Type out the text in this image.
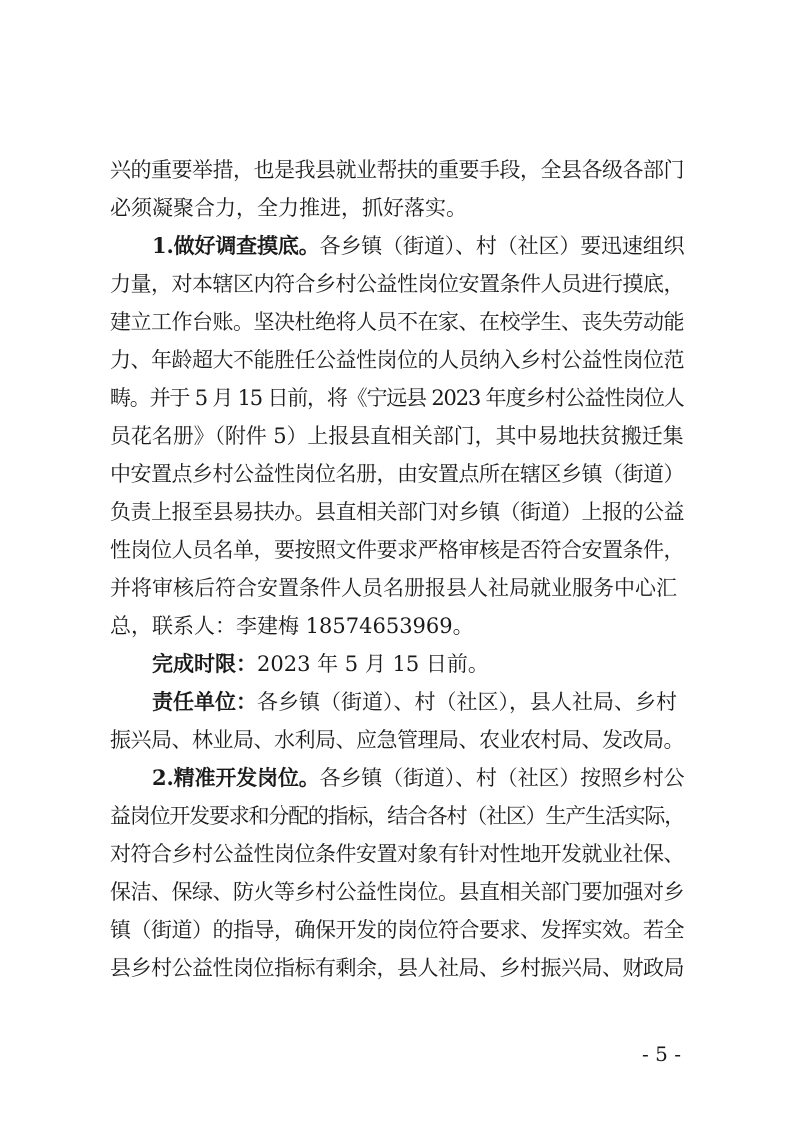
兴的重要举措，也是我县就业帮扶的重要手段，全县各级各部门
必须凝聚合力，全力推进，抓好落实。
1.做好调查摸底。各乡镇（街道）、村（社区）要迅速组织
力量，对本辖区内符合乡村公益性岗位安置条件人员进行摸底，
建立工作台账。坚决杜绝将人员不在家、在校学生、丧失劳动能
力、年龄超大不能胜任公益性岗位的人员纳入乡村公益性岗位范
畴。并于 5 月 15 日前，将《宁远县 2023 年度乡村公益性岗位人
员花名册》（附件 5）上报县直相关部门，其中易地扶贫搬迁集
中安置点乡村公益性岗位名册，由安置点所在辖区乡镇（街道）
负责上报至县易扶办。县直相关部门对乡镇（街道）上报的公益
性岗位人员名单，要按照文件要求严格审核是否符合安置条件，
并将审核后符合安置条件人员名册报县人社局就业服务中心汇
总，联系人：李建梅 18574653969。
完成时限：2023 年 5 月 15 日前。
责任单位：各乡镇（街道）、村（社区），县人社局、乡村
振兴局、林业局、水利局、应急管理局、农业农村局、发改局。
2.精准开发岗位。各乡镇（街道）、村（社区）按照乡村公
益岗位开发要求和分配的指标，结合各村（社区）生产生活实际，
对符合乡村公益性岗位条件安置对象有针对性地开发就业社保、
保洁、保绿、防火等乡村公益性岗位。县直相关部门要加强对乡
镇（街道）的指导，确保开发的岗位符合要求、发挥实效。若全
县乡村公益性岗位指标有剩余，县人社局、乡村振兴局、财政局
- 5 -
